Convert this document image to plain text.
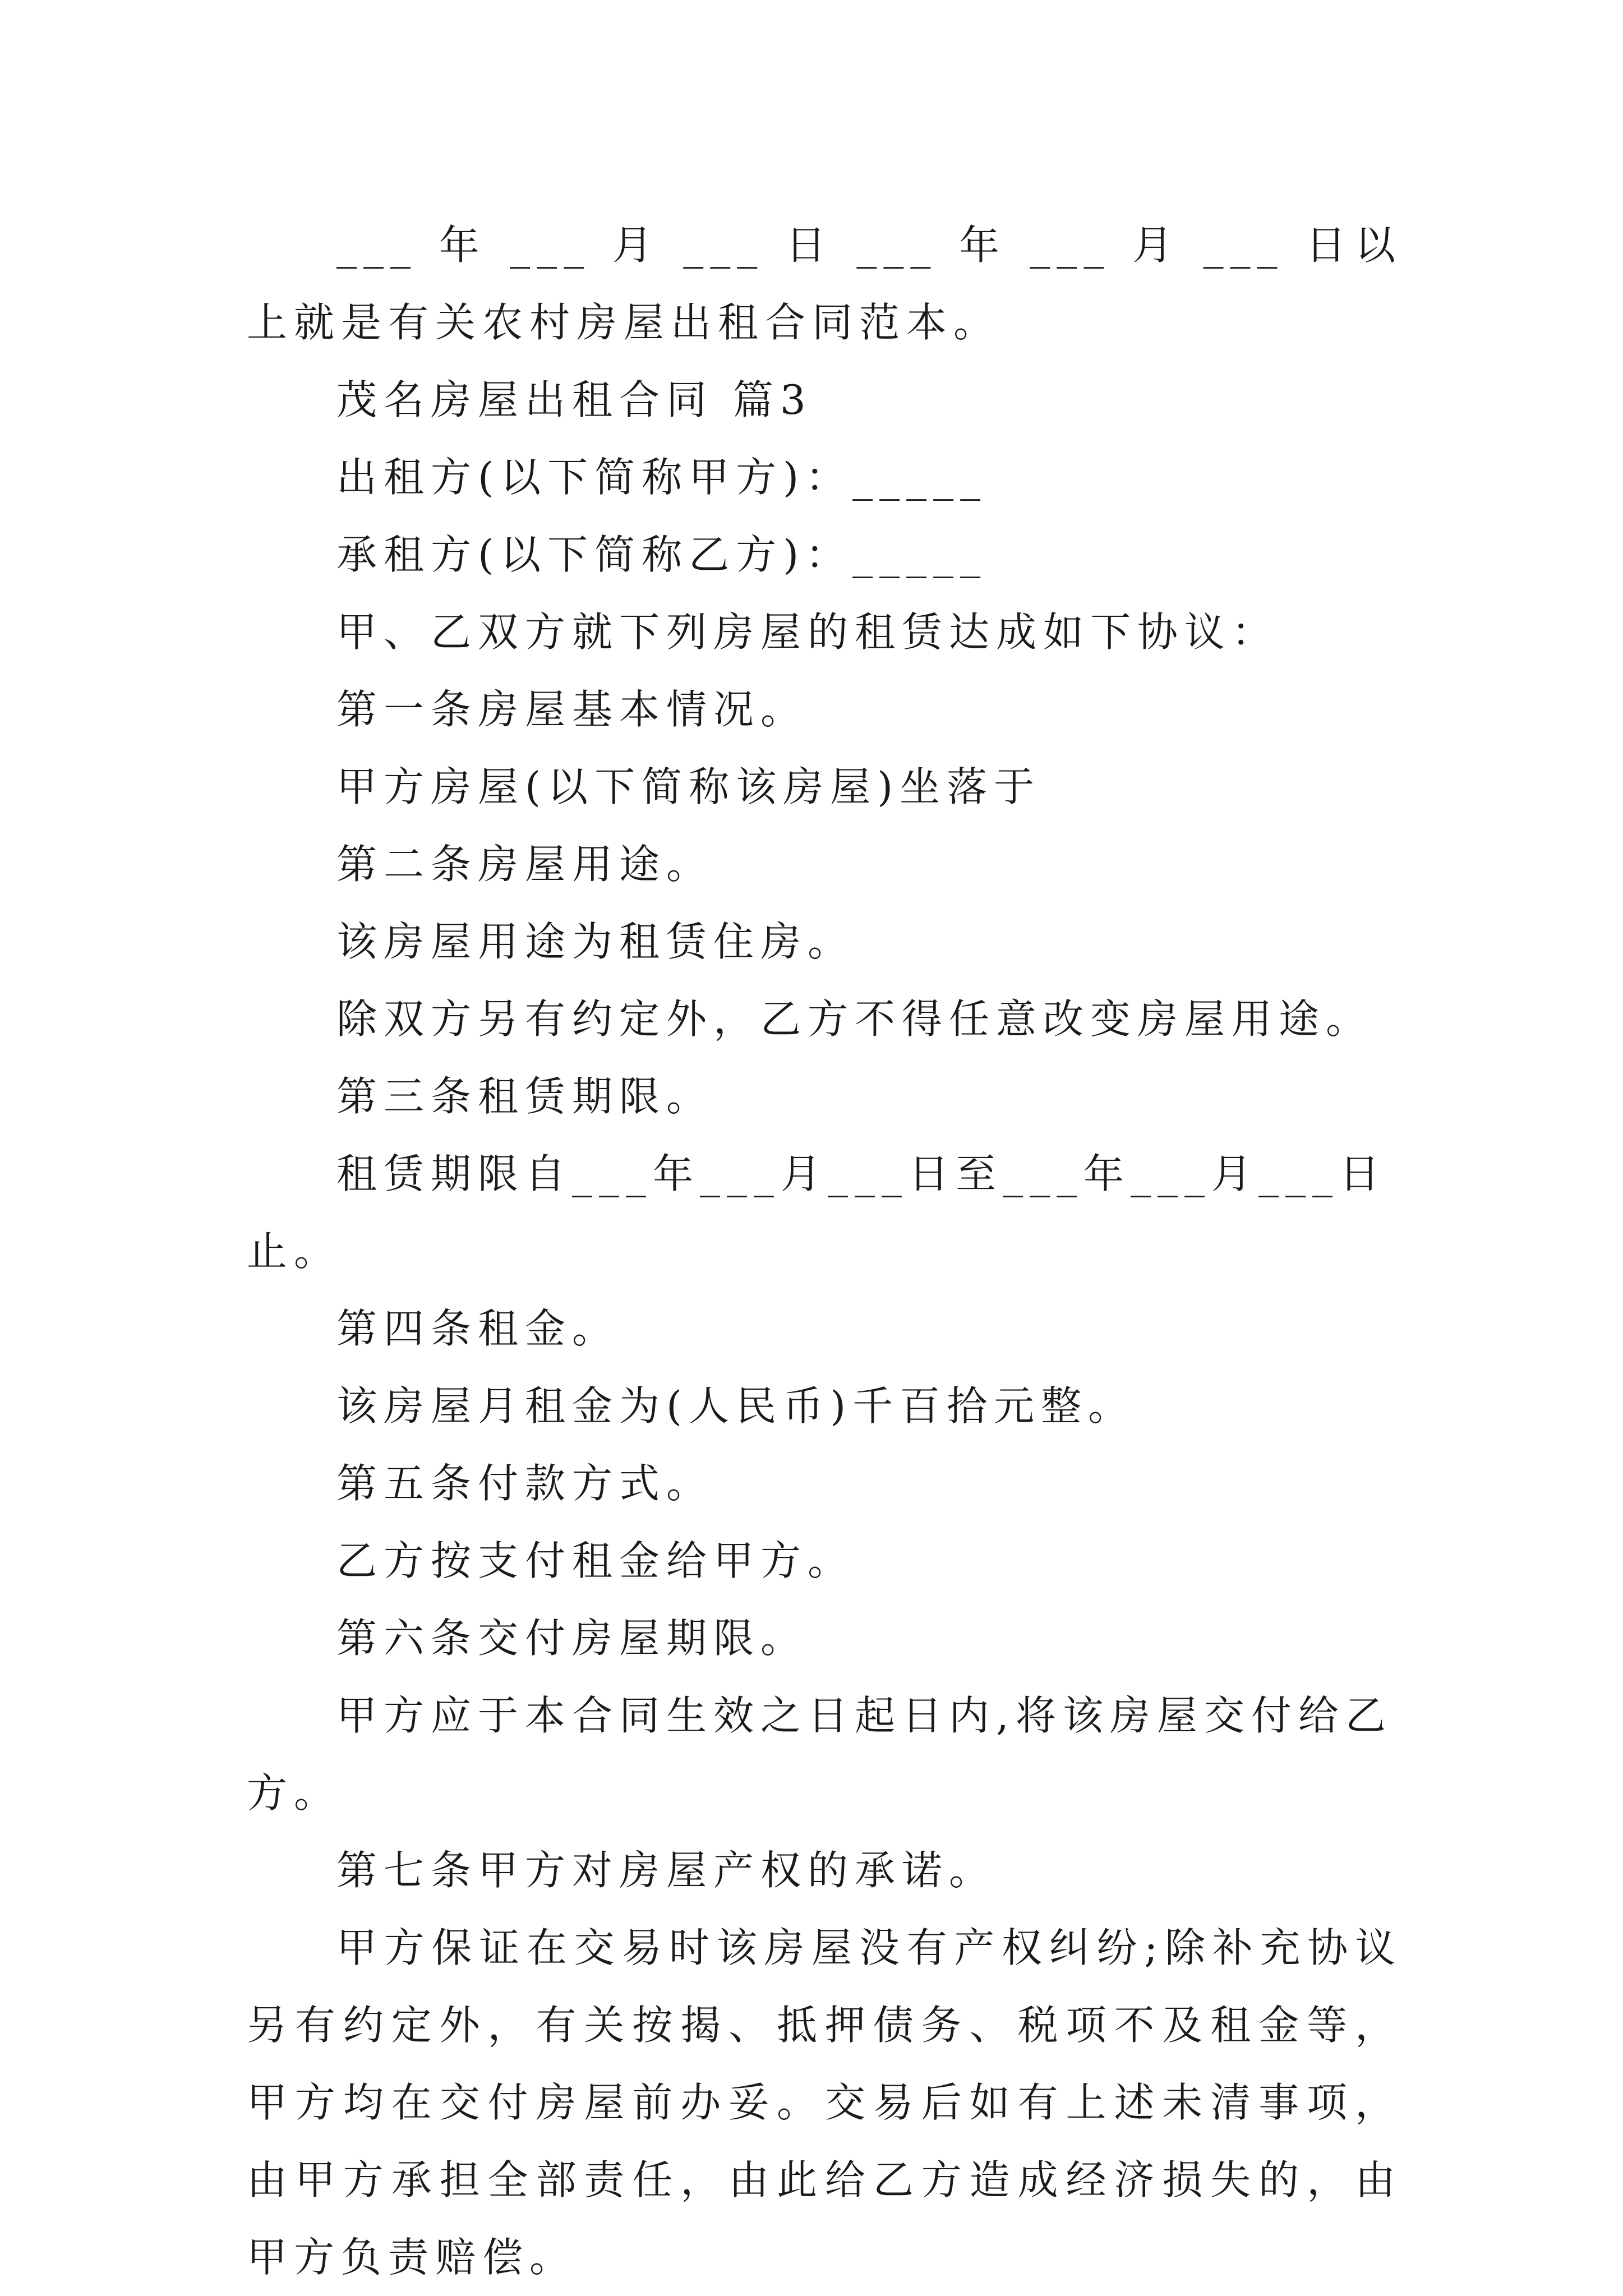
___ 年 ___ 月 ___ 日 ___ 年 ___ 月 ___ 日以上就是有关农村房屋出租合同范本。

茂名房屋出租合同 篇3

出租方(以下简称甲方)：_____

承租方(以下简称乙方)：_____

甲、乙双方就下列房屋的租赁达成如下协议：

第一条房屋基本情况。

甲方房屋(以下简称该房屋)坐落于

第二条房屋用途。

该房屋用途为租赁住房。

除双方另有约定外，乙方不得任意改变房屋用途。

第三条租赁期限。

租赁期限自___年___月___日至___年___月___日止。

第四条租金。

该房屋月租金为(人民币)千百拾元整。

第五条付款方式。

乙方按支付租金给甲方。

第六条交付房屋期限。

甲方应于本合同生效之日起日内,将该房屋交付给乙方。

第七条甲方对房屋产权的承诺。

甲方保证在交易时该房屋没有产权纠纷;除补充协议另有约定外，有关按揭、抵押债务、税项不及租金等，甲方均在交付房屋前办妥。交易后如有上述未清事项，由甲方承担全部责任，由此给乙方造成经济损失的，由甲方负责赔偿。
